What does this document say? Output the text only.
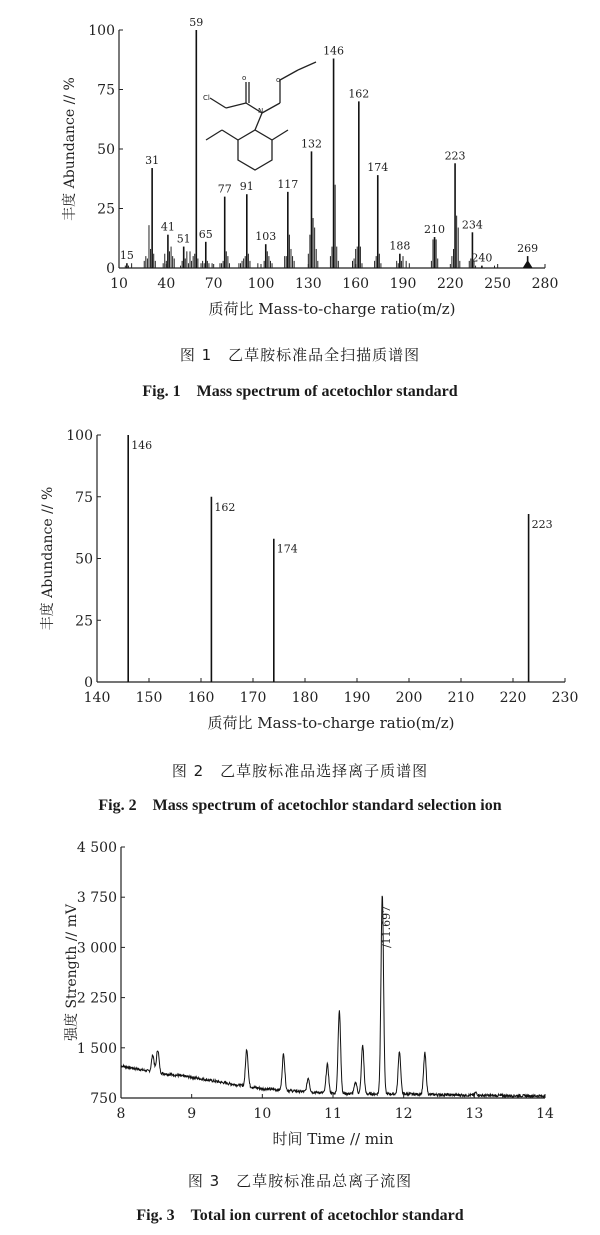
0
25
50
75
100
10 40 70 100 130 160 190 220 250 280
质荷比 Mass-to-charge ratio(m/z)
丰度 Abundance // %
15
31
41
51
59
65
77 91
103
117
132
146
162
174
188
210
223
234
240
269
o	o
N
Cl
图 1　乙草胺标准品全扫描质谱图
Fig. 1　Mass spectrum of acetochlor standard
0
25
50
75
100
140 150 160 170 180 190 200 210 220 230
质荷比 Mass-to-charge ratio(m/z)
丰度 Abundance // %
146
162
174
223
图 2　乙草胺标准品选择离子质谱图
Fig. 2　Mass spectrum of acetochlor standard selection ion
750
1 500
2 250
3 000
3 750
4 500
8	9	10	11	12	13	14
时间 Time // min
强度 Strength // mV	/11.697
图 3　乙草胺标准品总离子流图
Fig. 3　Total ion current of acetochlor standard
